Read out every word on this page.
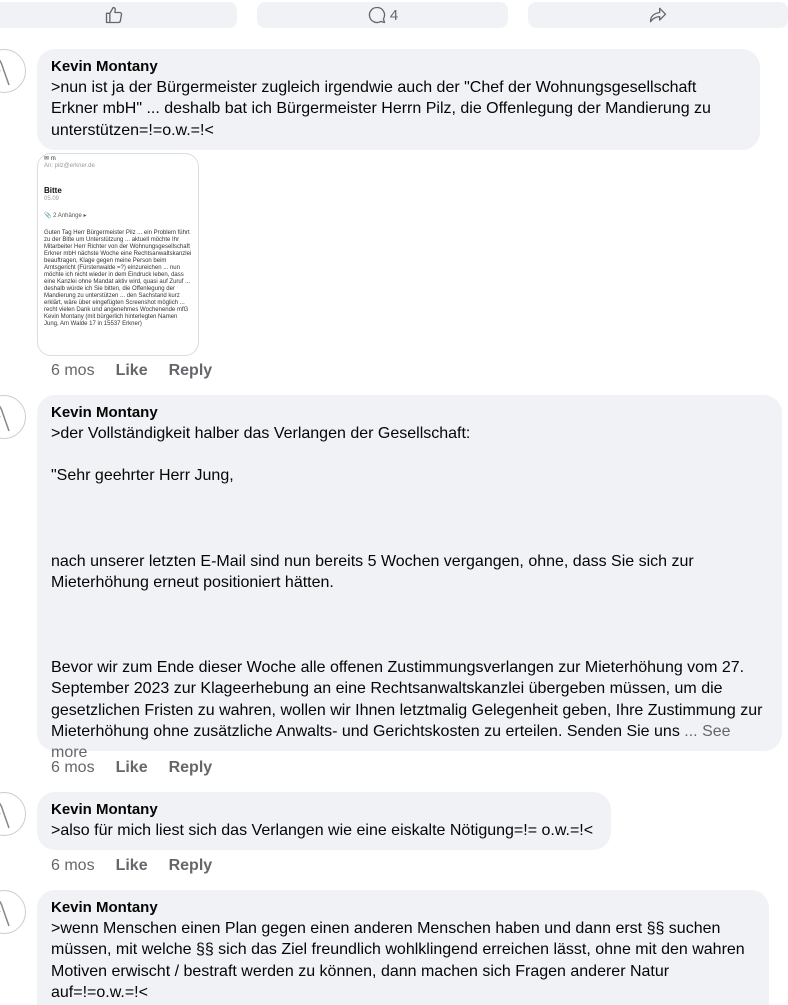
4
Kevin Montany

>nun ist ja der Bürgermeister zugleich irgendwie auch der "Chef der Wohnungsgesellschaft Erkner mbH" ... deshalb bat ich Bürgermeister Herrn Pilz, die Offenlegung der Mandierung zu unterstützen=!=o.w.=!<

✉ m
An: pilz@erkner.de
Bitte
05.09
📎 2 Anhänge ▸
Guten Tag Herr Bürgermeister Pilz ... ein Problem führt zu der Bitte um Unterstützung ... aktuell möchte Ihr Mitarbeiter Herr Richter von der Wohnungsgesellschaft Erkner mbH nächste Woche eine Rechtsanwaltskanzlei beauftragen, Klage gegen meine Person beim Amtsgericht (Fürstenwalde =?) einzureichen ... nun möchte ich nicht wieder in dem Eindruck leben, dass eine Kanzlei ohne Mandat aktiv wird, quasi auf Zuruf ... deshalb würde ich Sie bitten, die Offenlegung der Mandierung zu unterstützen ... den Sachstand kurz erklärt, wäre über eingefügten Screenshot möglich ... recht vielen Dank und angenehmes Wochenende mfG Kevin Montany (mit bürgerlich hinterlegten Namen Jung, Am Walde 17 in 15537 Erkner)
6 mos Like Reply
Kevin Montany

>der Vollständigkeit halber das Verlangen der Gesellschaft:

"Sehr geehrter Herr Jung,

nach unserer letzten E-Mail sind nun bereits 5 Wochen vergangen, ohne, dass Sie sich zur Mieterhöhung erneut positioniert hätten.

Bevor wir zum Ende dieser Woche alle offenen Zustimmungsverlangen zur Mieterhöhung vom 27. September 2023 zur Klageerhebung an eine Rechtsanwaltskanzlei übergeben müssen, um die gesetzlichen Fristen zu wahren, wollen wir Ihnen letztmalig Gelegenheit geben, Ihre Zustimmung zur Mieterhöhung ohne zusätzliche Anwalts- und Gerichtskosten zu erteilen. Senden Sie uns ... See more

6 mos Like Reply
Kevin Montany

>also für mich liest sich das Verlangen wie eine eiskalte Nötigung=!= o.w.=!<

6 mos Like Reply
Kevin Montany

>wenn Menschen einen Plan gegen einen anderen Menschen haben und dann erst §§ suchen müssen, mit welche §§ sich das Ziel freundlich wohlklingend erreichen lässt, ohne mit den wahren Motiven erwischt / bestraft werden zu können, dann machen sich Fragen anderer Natur auf=!=o.w.=!<
